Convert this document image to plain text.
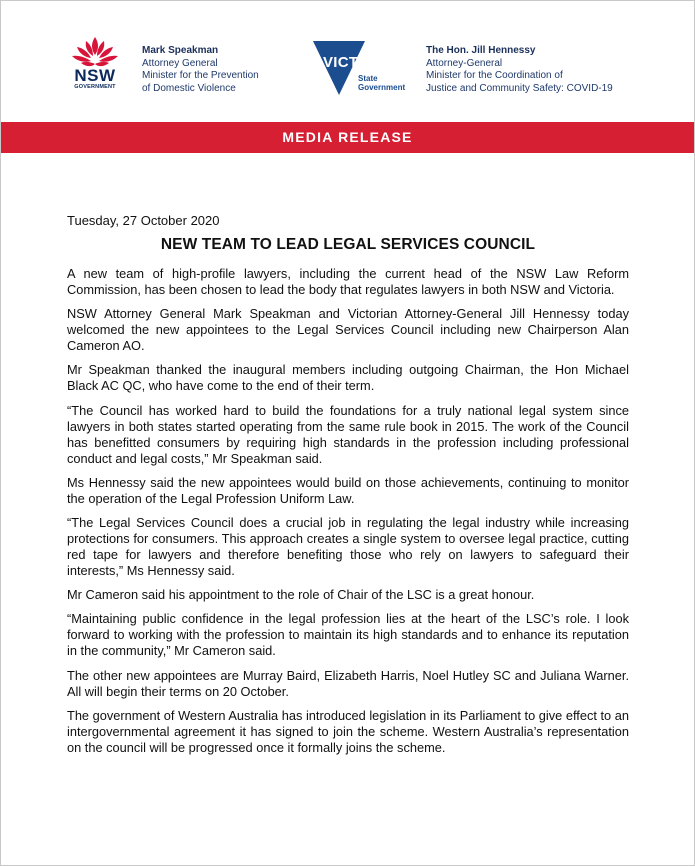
NSW
GOVERNMENT
Mark Speakman
Attorney General
Minister for the Prevention
of Domestic Violence
VICTORIA
State
Government
The Hon. Jill Hennessy
Attorney-General
Minister for the Coordination of
Justice and Community Safety: COVID-19
MEDIA RELEASE

Tuesday, 27 October 2020

NEW TEAM TO LEAD LEGAL SERVICES COUNCIL

A new team of high-profile lawyers, including the current head of the NSW Law Reform Commission, has been chosen to lead the body that regulates lawyers in both NSW and Victoria.

NSW Attorney General Mark Speakman and Victorian Attorney-General Jill Hennessy today welcomed the new appointees to the Legal Services Council including new Chairperson Alan Cameron AO.

Mr Speakman thanked the inaugural members including outgoing Chairman, the Hon Michael Black AC QC, who have come to the end of their term.

“The Council has worked hard to build the foundations for a truly national legal system since lawyers in both states started operating from the same rule book in 2015. The work of the Council has benefitted consumers by requiring high standards in the profession including professional conduct and legal costs,” Mr Speakman said.

Ms Hennessy said the new appointees would build on those achievements, continuing to monitor the operation of the Legal Profession Uniform Law.

“The Legal Services Council does a crucial job in regulating the legal industry while increasing protections for consumers. This approach creates a single system to oversee legal practice, cutting red tape for lawyers and therefore benefiting those who rely on lawyers to safeguard their interests,” Ms Hennessy said.

Mr Cameron said his appointment to the role of Chair of the LSC is a great honour.

“Maintaining public confidence in the legal profession lies at the heart of the LSC’s role. I look forward to working with the profession to maintain its high standards and to enhance its reputation in the community,” Mr Cameron said.

The other new appointees are Murray Baird, Elizabeth Harris, Noel Hutley SC and Juliana Warner. All will begin their terms on 20 October.

The government of Western Australia has introduced legislation in its Parliament to give effect to an intergovernmental agreement it has signed to join the scheme. Western Australia’s representation on the council will be progressed once it formally joins the scheme.
